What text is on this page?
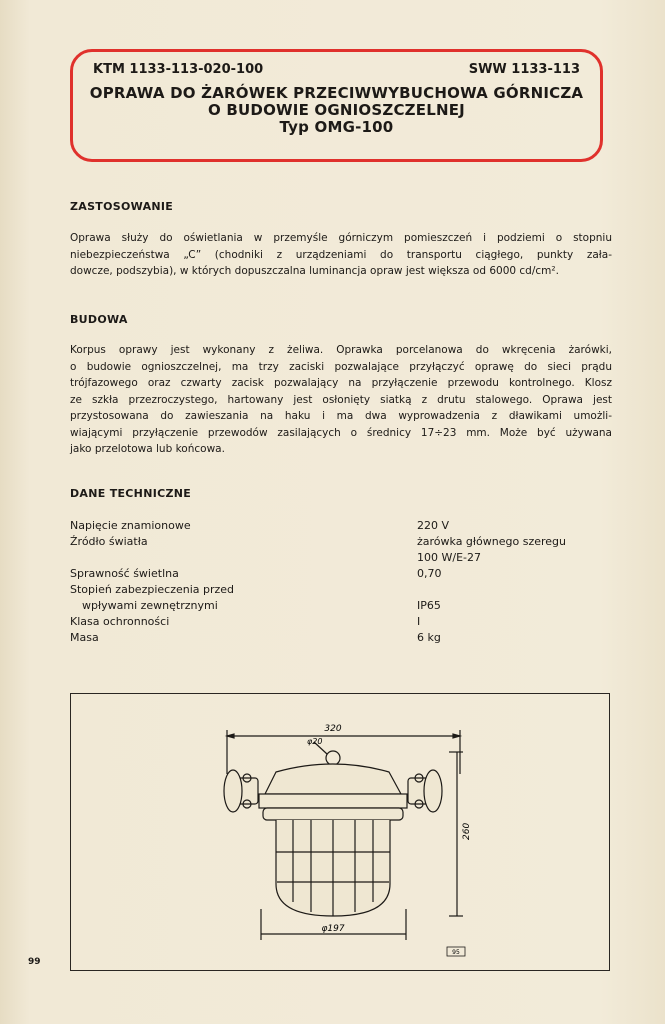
KTM 1133-113-020-100	SWW 1133-113
OPRAWA DO ŻARÓWEK PRZECIWWYBUCHOWA GÓRNICZA
O BUDOWIE OGNIOSZCZELNEJ
Typ OMG-100
ZASTOSOWANIE
Oprawa służy do oświetlania w przemyśle górniczym pomieszczeń i podziemi o stopniu
niebezpieczeństwa „C” (chodniki z urządzeniami do transportu ciągłego, punkty załа-
dowcze, podszybia), w których dopuszczalna luminancja opraw jest większa od 6000 cd/cm².
BUDOWA
Korpus oprawy jest wykonany z żeliwa. Oprawka porcelanowa do wkręcenia żarówki,
o budowie ognioszczelnej, ma trzy zaciski pozwalające przyłączyć oprawę do sieci prądu
trójfazowego oraz czwarty zacisk pozwalający na przyłączenie przewodu kontrolnego. Klosz
ze szkła przezroczystego, hartowany jest osłonięty siatką z drutu stalowego. Oprawa jest
przystosowana do zawieszania na haku i ma dwa wyprowadzenia z dławikami umożli-
wiającymi przyłączenie przewodów zasilających o średnicy 17÷23 mm. Może być używana
jako przelotowa lub końcowa.
DANE TECHNICZNE
Napięcie znamionowe	220 V
Źródło światła	żarówka głównego szeregu
100 W/E-27
Sprawność świetlna	0,70
Stopień zabezpieczenia przed
wpływami zewnętrznymi	IP65
Klasa ochronności	I
Masa	6 kg
320
φ20
260
φ197
95
99
